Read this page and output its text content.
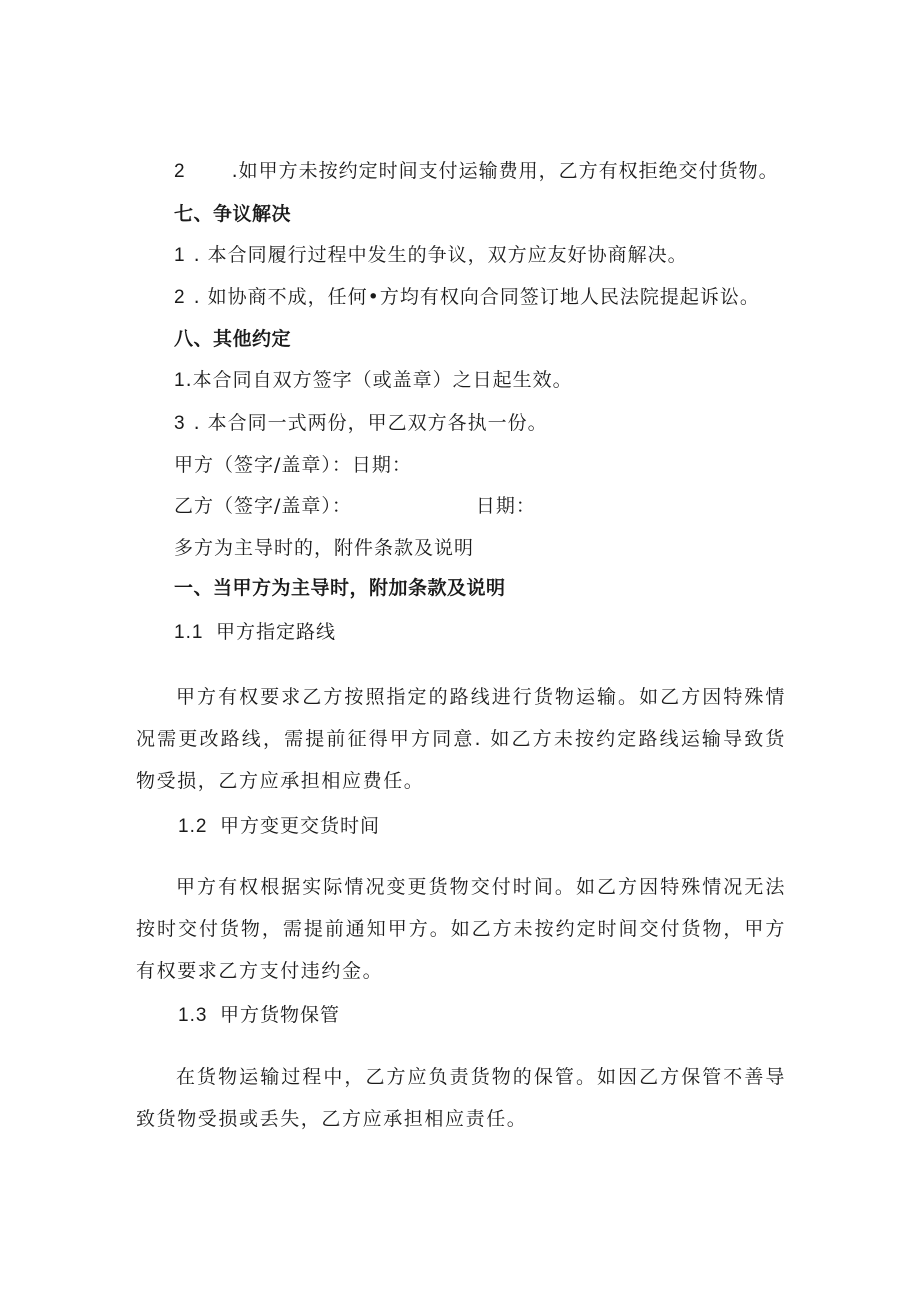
2 .如甲方未按约定时间支付运输费用，乙方有权拒绝交付货物。
七、争议解决
1 . 本合同履行过程中发生的争议，双方应友好协商解决。
2 . 如协商不成，任何•方均有权向合同签订地人民法院提起诉讼。
八、其他约定
1.本合同自双方签字（或盖章）之日起生效。
3 . 本合同一式两份，甲乙双方各执一份。
甲方（签字/盖章）：日期：
乙方（签字/盖章）：	日期：
多方为主导时的，附件条款及说明
一、当甲方为主导时，附加条款及说明
1.1 甲方指定路线
甲方有权要求乙方按照指定的路线进行货物运输。如乙方因特殊情况需更改路线，需提前征得甲方同意. 如乙方未按约定路线运输导致货物受损，乙方应承担相应费任。
1.2 甲方变更交货时间
甲方有权根据实际情况变更货物交付时间。如乙方因特殊情况无法按时交付货物，需提前通知甲方。如乙方未按约定时间交付货物，甲方有权要求乙方支付违约金。
1.3 甲方货物保管
在货物运输过程中，乙方应负责货物的保管。如因乙方保管不善导致货物受损或丢失，乙方应承担相应责任。
